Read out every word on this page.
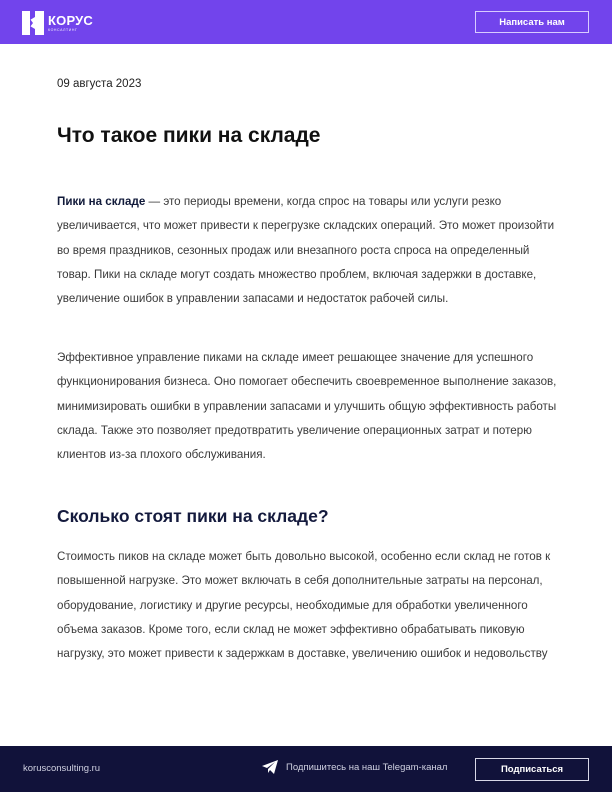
КОРУС
КОНСАЛТИНГ
Написать нам
09 августа 2023
Что такое пики на складе

Пики на складе — это периоды времени, когда спрос на товары или услуги резко увеличивается, что может привести к перегрузке складских операций. Это может произойти во время праздников, сезонных продаж или внезапного роста спроса на определенный товар. Пики на складе могут создать множество проблем, включая задержки в доставке, увеличение ошибок в управлении запасами и недостаток рабочей силы.

Эффективное управление пиками на складе имеет решающее значение для успешного функционирования бизнеса. Оно помогает обеспечить своевременное выполнение заказов, минимизировать ошибки в управлении запасами и улучшить общую эффективность работы склада. Также это позволяет предотвратить увеличение операционных затрат и потерю клиентов из-за плохого обслуживания.

Сколько стоят пики на складе?

Стоимость пиков на складе может быть довольно высокой, особенно если склад не готов к повышенной нагрузке. Это может включать в себя дополнительные затраты на персонал, оборудование, логистику и другие ресурсы, необходимые для обработки увеличенного объема заказов. Кроме того, если склад не может эффективно обрабатывать пиковую нагрузку, это может привести к задержкам в доставке, увеличению ошибок и недовольству

korusconsulting.ru	Подпишитесь на наш Telegam-канал	Подписаться
